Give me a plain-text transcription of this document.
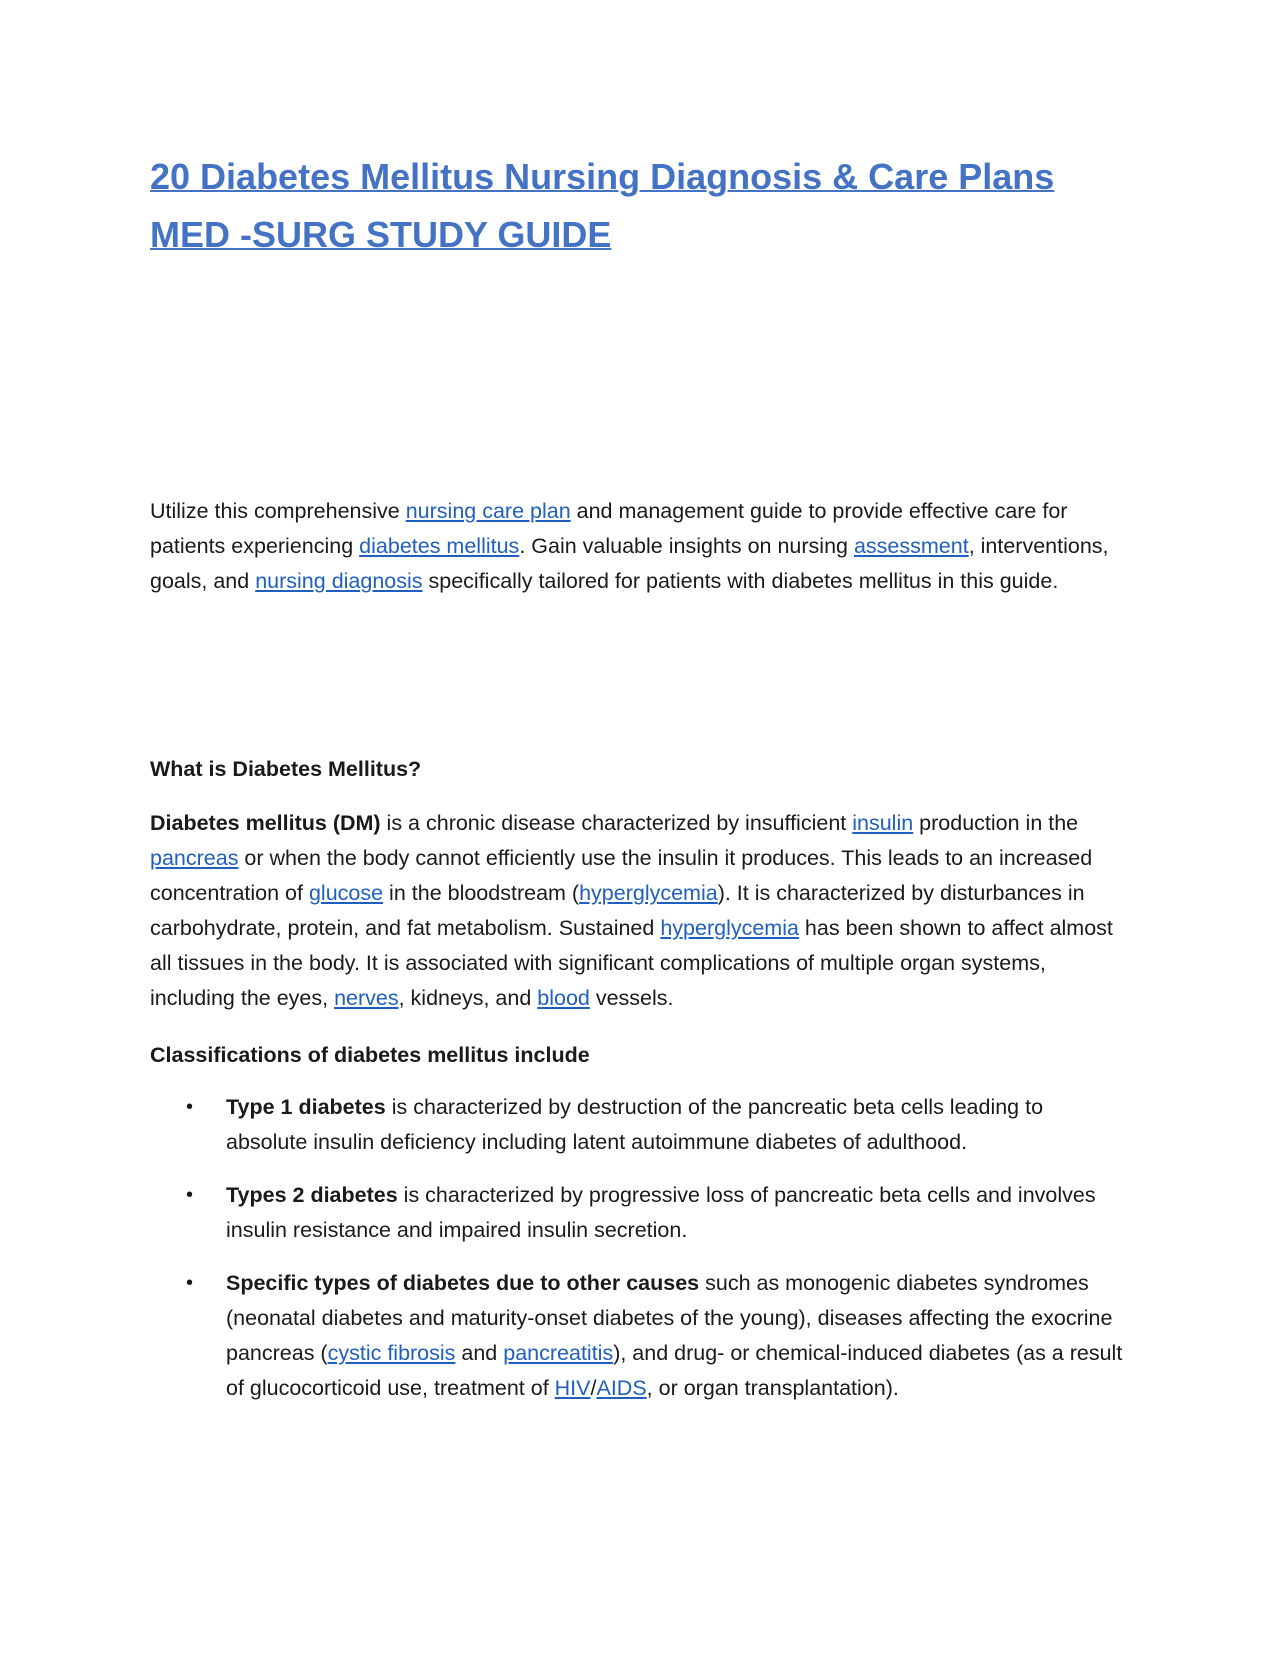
20 Diabetes Mellitus Nursing Diagnosis & Care Plans
MED -SURG STUDY GUIDE

Utilize this comprehensive nursing care plan and management guide to provide effective care for patients experiencing diabetes mellitus. Gain valuable insights on nursing assessment, interventions, goals, and nursing diagnosis specifically tailored for patients with diabetes mellitus in this guide.

What is Diabetes Mellitus?

Diabetes mellitus (DM) is a chronic disease characterized by insufficient insulin production in the pancreas or when the body cannot efficiently use the insulin it produces. This leads to an increased concentration of glucose in the bloodstream (hyperglycemia). It is characterized by disturbances in carbohydrate, protein, and fat metabolism. Sustained hyperglycemia has been shown to affect almost all tissues in the body. It is associated with significant complications of multiple organ systems, including the eyes, nerves, kidneys, and blood vessels.

Classifications of diabetes mellitus include
• Type 1 diabetes is characterized by destruction of the pancreatic beta cells leading to absolute insulin deficiency including latent autoimmune diabetes of adulthood.
• Types 2 diabetes is characterized by progressive loss of pancreatic beta cells and involves insulin resistance and impaired insulin secretion.
• Specific types of diabetes due to other causes such as monogenic diabetes syndromes (neonatal diabetes and maturity-onset diabetes of the young), diseases affecting the exocrine pancreas (cystic fibrosis and pancreatitis), and drug- or chemical-induced diabetes (as a result of glucocorticoid use, treatment of HIV/AIDS, or organ transplantation).
